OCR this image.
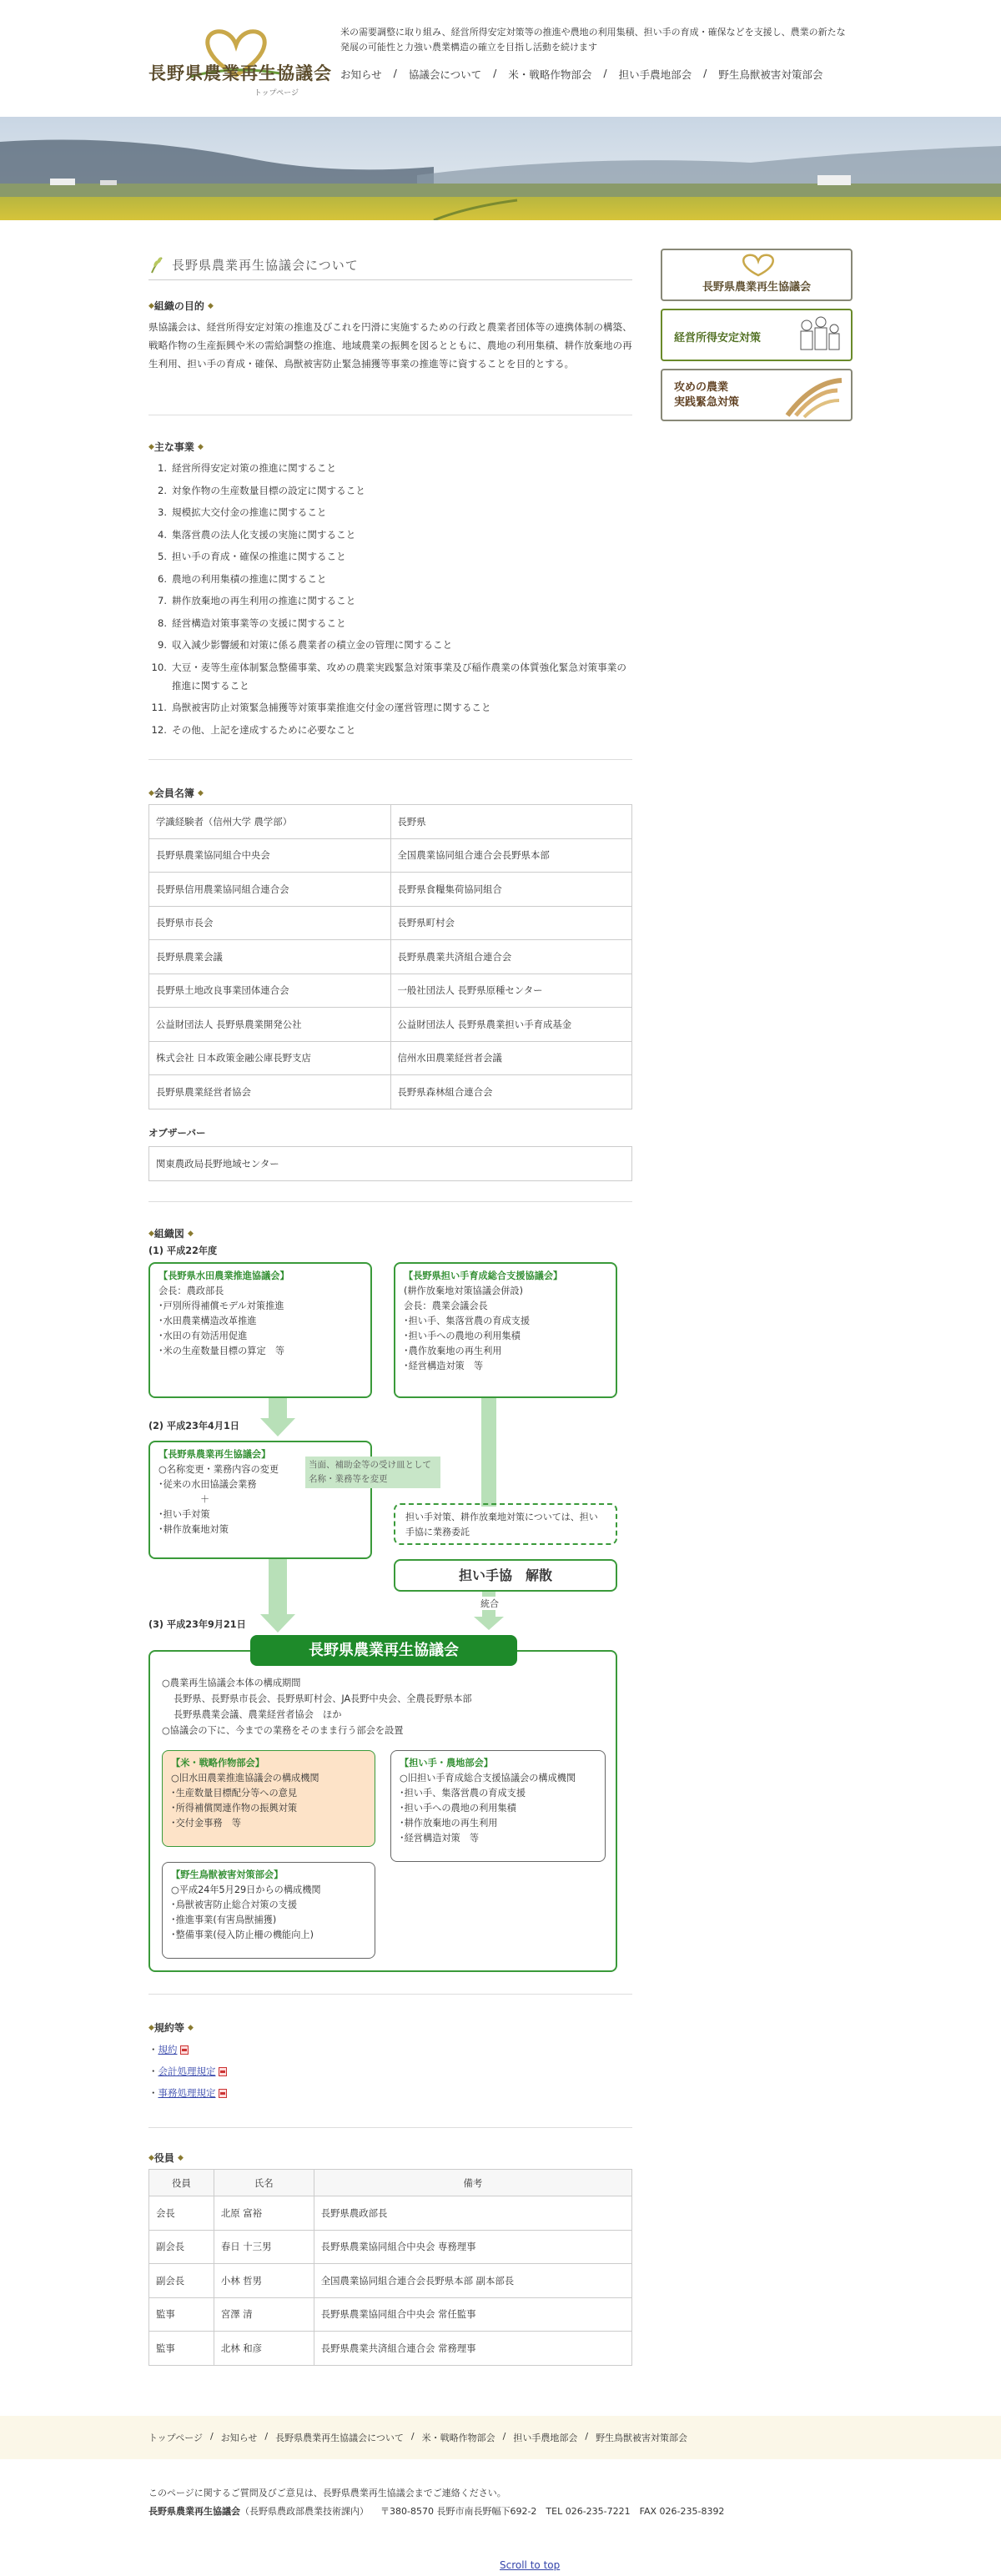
長野県農業再生協議会
トップページ
米の需要調整に取り組み、経営所得安定対策等の推進や農地の利用集積、担い手の育成・確保などを支援し、農業の新たな発展の可能性と力強い農業構造の確立を目指し活動を続けます
お知らせ / 協議会について / 米・戦略作物部会 / 担い手農地部会 / 野生鳥獣被害対策部会
長野県農業再生協議会
経営所得安定対策
攻めの農業
実践緊急対策
長野県農業再生協議会について
◆ 組織の目的 ◆
県協議会は、経営所得安定対策の推進及びこれを円滑に実施するための行政と農業者団体等の連携体制の構築、戦略作物の生産振興や米の需給調整の推進、地域農業の振興を図るとともに、農地の利用集積、耕作放棄地の再生利用、担い手の育成・確保、鳥獣被害防止緊急捕獲等事業の推進等に資することを目的とする。
◆ 主な事業 ◆
1. 経営所得安定対策の推進に関すること
2. 対象作物の生産数量目標の設定に関すること
3. 規模拡大交付金の推進に関すること
4. 集落営農の法人化支援の実施に関すること
5. 担い手の育成・確保の推進に関すること
6. 農地の利用集積の推進に関すること
7. 耕作放棄地の再生利用の推進に関すること
8. 経営構造対策事業等の支援に関すること
9. 収入減少影響緩和対策に係る農業者の積立金の管理に関すること
10. 大豆・麦等生産体制緊急整備事業、攻めの農業実践緊急対策事業及び稲作農業の体質強化緊急対策事業の推進に関すること
11. 鳥獣被害防止対策緊急捕獲等対策事業推進交付金の運営管理に関すること
12. その他、上記を達成するために必要なこと
◆ 会員名簿 ◆
学識経験者（信州大学 農学部）	長野県
長野県農業協同組合中央会	全国農業協同組合連合会長野県本部
長野県信用農業協同組合連合会	長野県食糧集荷協同組合
長野県市長会	長野県町村会
長野県農業会議	長野県農業共済組合連合会
長野県土地改良事業団体連合会	一般社団法人 長野県原種センター
公益財団法人 長野県農業開発公社	公益財団法人 長野県農業担い手育成基金
株式会社 日本政策金融公庫長野支店	信州水田農業経営者会議
長野県農業経営者協会	長野県森林組合連合会
オブザーバー
関東農政局長野地域センター
◆ 組織図 ◆
(1) 平成22年度
【長野県水田農業推進協議会】
会長：農政部長
･戸別所得補償モデル対策推進
･水田農業構造改革推進
･水田の有効活用促進
･米の生産数量目標の算定　等
【長野県担い手育成総合支援協議会】
(耕作放棄地対策協議会併設)
会長：農業会議会長
･担い手、集落営農の育成支援
･担い手への農地の利用集積
･農作放棄地の再生利用
･経営構造対策　等
(2) 平成23年4月1日
【長野県農業再生協議会】
○名称変更・業務内容の変更
･従来の水田協議会業務
＋
･担い手対策
･耕作放棄地対策
当面、補助金等の受け皿として名称・業務等を変更
担い手対策、耕作放棄地対策については、担い手協に業務委託
担い手協　解散
統合
(3) 平成23年9月21日
長野県農業再生協議会
○農業再生協議会本体の構成期間
長野県、長野県市長会、長野県町村会、JA長野中央会、全農長野県本部
長野県農業会議、農業経営者協会　ほか
○協議会の下に、今までの業務をそのまま行う部会を設置
【米・戦略作物部会】
○旧水田農業推進協議会の構成機関
･生産数量目標配分等への意見
･所得補償関連作物の振興対策
･交付金事務　等
【担い手・農地部会】
○旧担い手育成総合支援協議会の構成機関
･担い手、集落営農の育成支援
･担い手への農地の利用集積
･耕作放棄地の再生利用
･経営構造対策　等
【野生鳥獣被害対策部会】
○平成24年5月29日からの構成機関
･鳥獣被害防止総合対策の支援
･推進事業(有害鳥獣捕獲)
･整備事業(侵入防止柵の機能向上)
◆ 規約等 ◆
・規約
・会計処理規定
・事務処理規定
◆ 役員 ◆
役員	氏名	備考
会長	北原 富裕	長野県農政部長
副会長	春日 十三男	長野県農業協同組合中央会 専務理事
副会長	小林 哲男	全国農業協同組合連合会長野県本部 副本部長
監事	宮澤 清	長野県農業協同組合中央会 常任監事
監事	北林 和彦	長野県農業共済組合連合会 常務理事
トップページ / お知らせ / 長野県農業再生協議会について / 米・戦略作物部会 / 担い手農地部会 / 野生鳥獣被害対策部会
このページに関するご質問及びご意見は、長野県農業再生協議会までご連絡ください。
長野県農業再生協議会（長野県農政部農業技術課内） 〒380-8570 長野市南長野幅下692-2　TEL 026-235-7221　FAX 026-235-8392
Scroll to top
